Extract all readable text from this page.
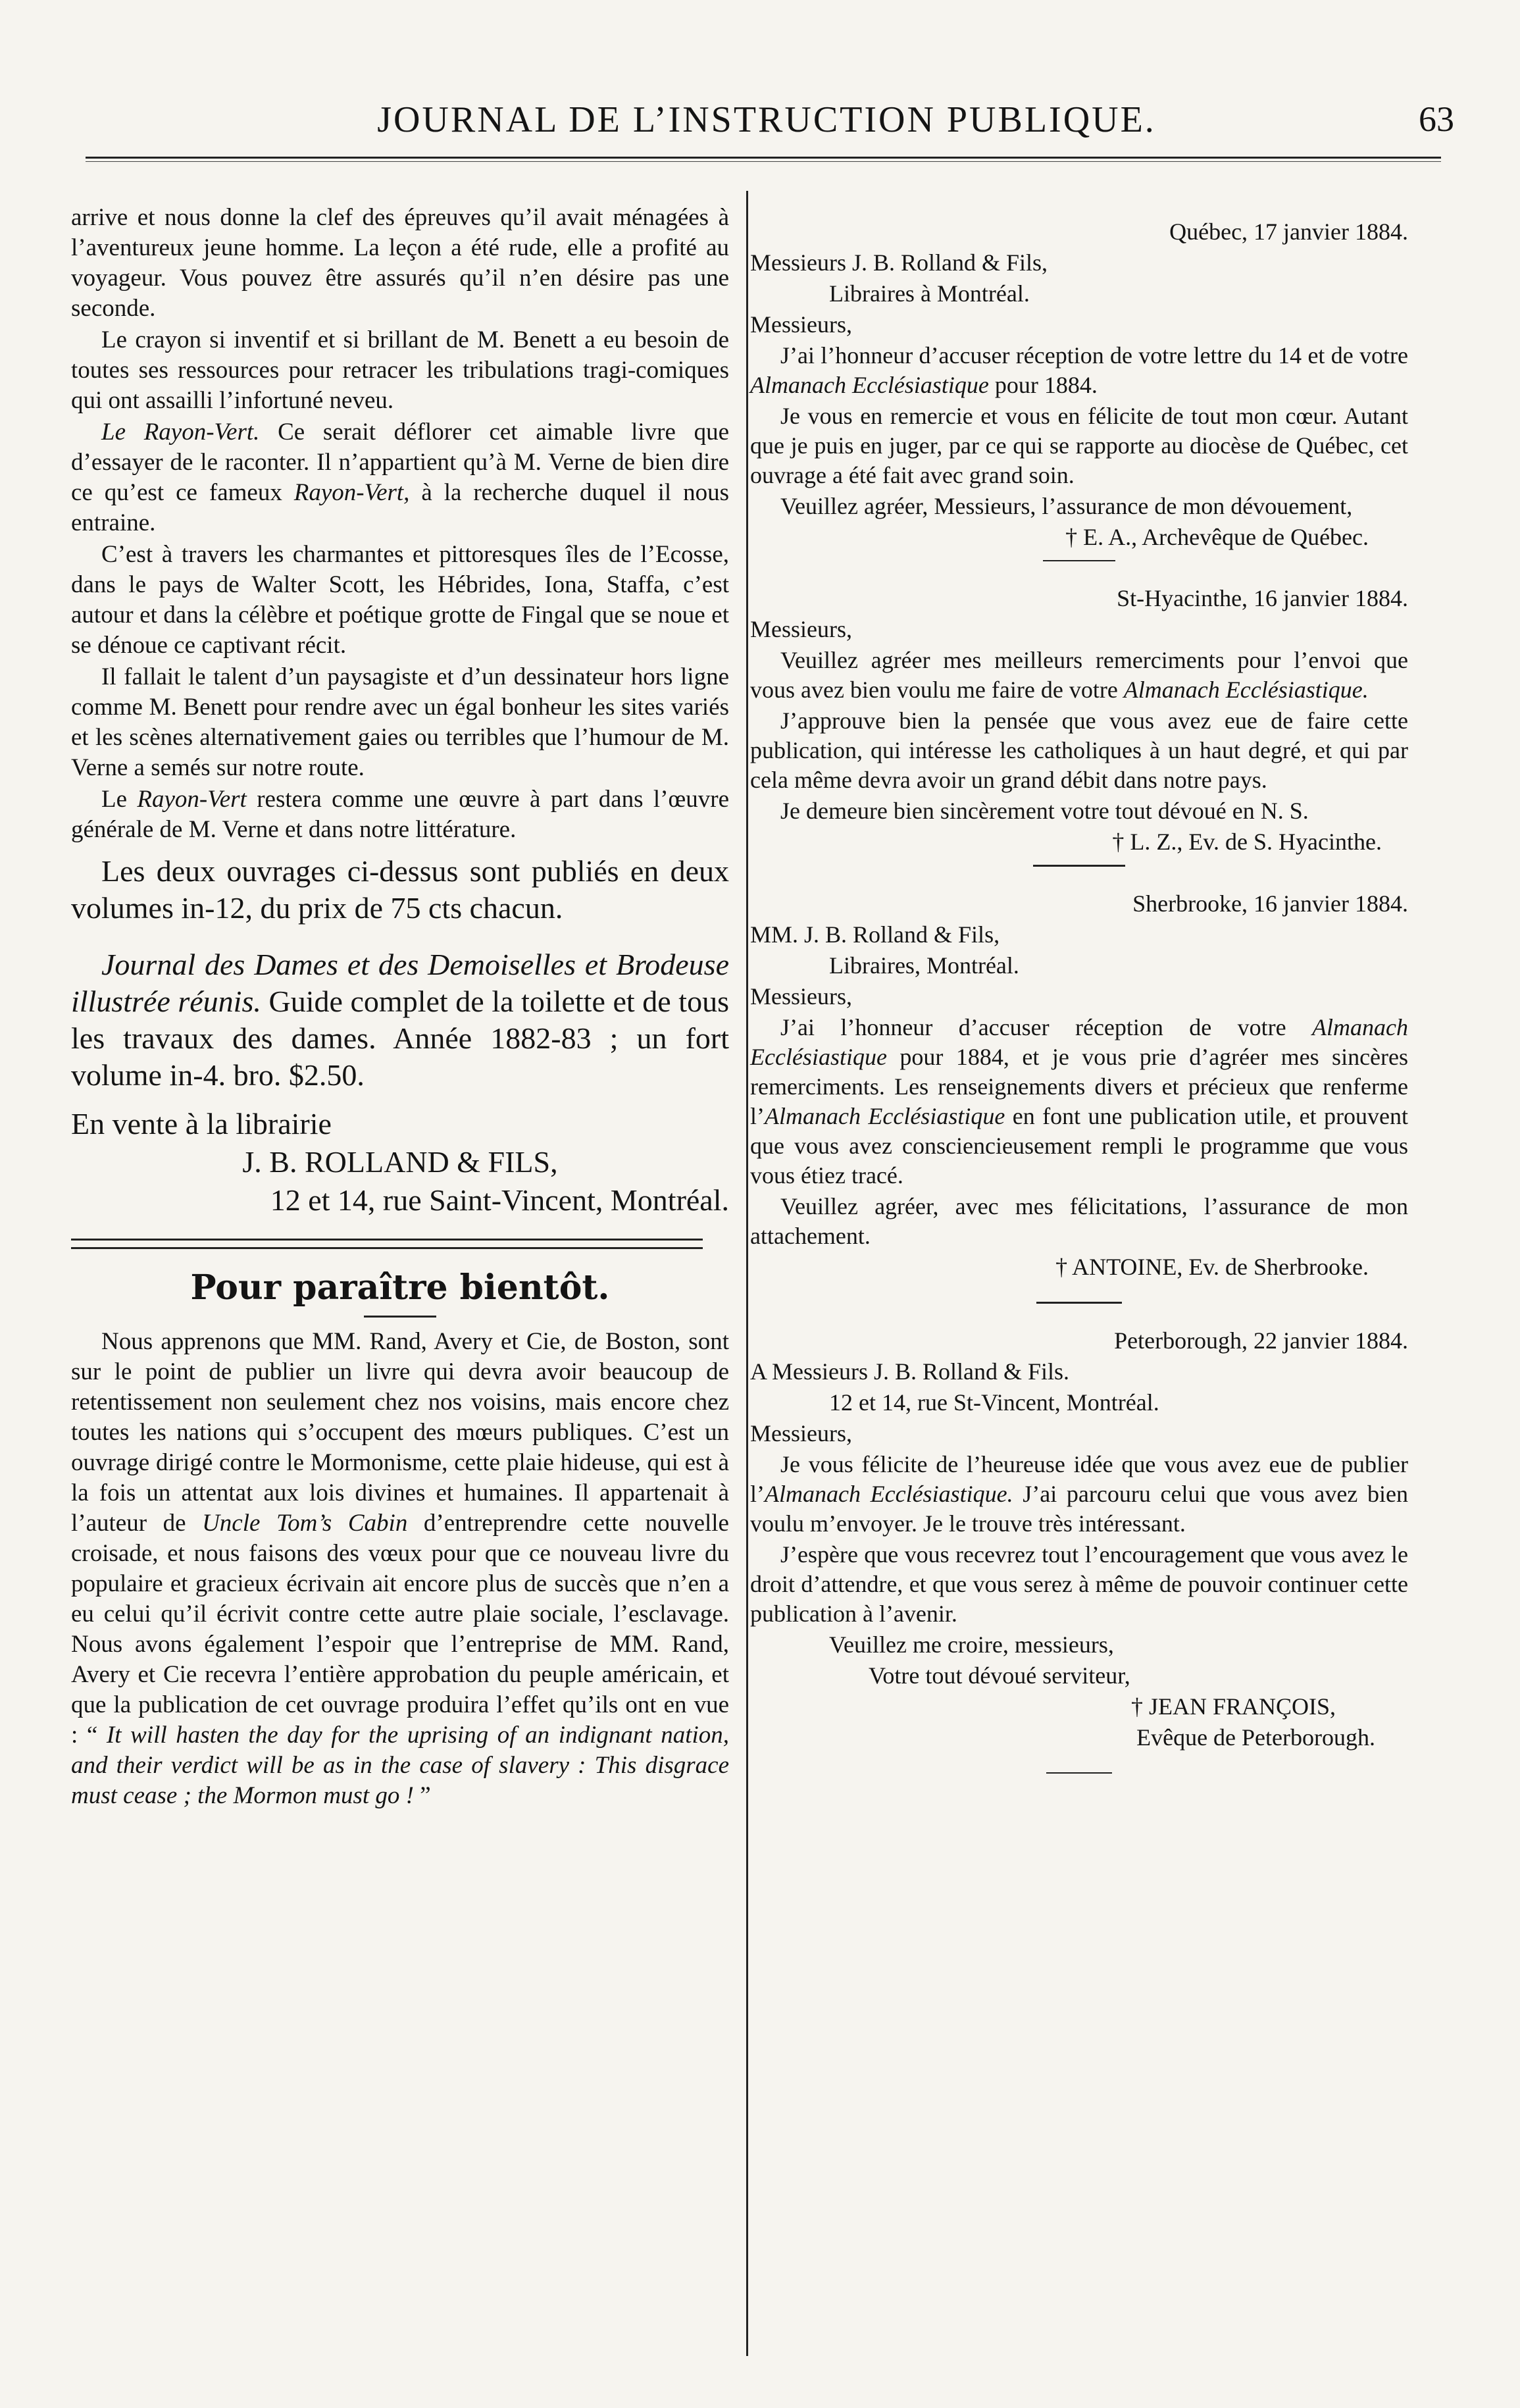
JOURNAL DE L’INSTRUCTION PUBLIQUE.	63

arrive et nous donne la clef des épreuves qu’il avait ménagées à l’aventureux jeune homme. La leçon a été rude, elle a profité au voyageur. Vous pouvez être assurés qu’il n’en désire pas une seconde.

Le crayon si inventif et si brillant de M. Benett a eu besoin de toutes ses ressources pour retracer les tribulations tragi-comiques qui ont assailli l’infortuné neveu.

Le Rayon-Vert. Ce serait déflorer cet aimable livre que d’essayer de le raconter. Il n’appartient qu’à M. Verne de bien dire ce qu’est ce fameux Rayon-Vert, à la recherche duquel il nous entraine.

C’est à travers les charmantes et pittoresques îles de l’Ecosse, dans le pays de Walter Scott, les Hébrides, Iona, Staffa, c’est autour et dans la célèbre et poétique grotte de Fingal que se noue et se dénoue ce captivant récit.

Il fallait le talent d’un paysagiste et d’un dessinateur hors ligne comme M. Benett pour rendre avec un égal bonheur les sites variés et les scènes alternativement gaies ou terribles que l’humour de M. Verne a semés sur notre route.

Le Rayon-Vert restera comme une œuvre à part dans l’œuvre générale de M. Verne et dans notre littérature.

Les deux ouvrages ci-dessus sont publiés en deux volumes in-12, du prix de 75 cts chacun.

Journal des Dames et des Demoiselles et Brodeuse illustrée réunis. Guide complet de la toilette et de tous les travaux des dames. Année 1882-83 ; un fort volume in-4. bro. $2.50.

En vente à la librairie

J. B. ROLLAND & FILS,

12 et 14, rue Saint-Vincent, Montréal.

Pour paraître bientôt.

Nous apprenons que MM. Rand, Avery et Cie, de Boston, sont sur le point de publier un livre qui devra avoir beaucoup de retentissement non seulement chez nos voisins, mais encore chez toutes les nations qui s’occupent des mœurs publiques. C’est un ouvrage dirigé contre le Mormonisme, cette plaie hideuse, qui est à la fois un attentat aux lois divines et humaines. Il appartenait à l’auteur de Uncle Tom’s Cabin d’entreprendre cette nouvelle croisade, et nous faisons des vœux pour que ce nouveau livre du populaire et gracieux écrivain ait encore plus de succès que n’en a eu celui qu’il écrivit contre cette autre plaie sociale, l’esclavage. Nous avons également l’espoir que l’entreprise de MM. Rand, Avery et Cie recevra l’entière approbation du peuple américain, et que la publication de cet ouvrage produira l’effet qu’ils ont en vue : “ It will hasten the day for the uprising of an indignant nation, and their verdict will be as in the case of slavery : This disgrace must cease ; the Mormon must go ! ”

Québec, 17 janvier 1884.

Messieurs J. B. Rolland & Fils,

Libraires à Montréal.

Messieurs,

J’ai l’honneur d’accuser réception de votre lettre du 14 et de votre Almanach Ecclésiastique pour 1884.

Je vous en remercie et vous en félicite de tout mon cœur. Autant que je puis en juger, par ce qui se rapporte au diocèse de Québec, cet ouvrage a été fait avec grand soin.

Veuillez agréer, Messieurs, l’assurance de mon dévouement,

† E. A., Archevêque de Québec.

St-Hyacinthe, 16 janvier 1884.

Messieurs,

Veuillez agréer mes meilleurs remerciments pour l’envoi que vous avez bien voulu me faire de votre Almanach Ecclésiastique.

J’approuve bien la pensée que vous avez eue de faire cette publication, qui intéresse les catholiques à un haut degré, et qui par cela même devra avoir un grand débit dans notre pays.

Je demeure bien sincèrement votre tout dévoué en N. S.

† L. Z., Ev. de S. Hyacinthe.

Sherbrooke, 16 janvier 1884.

MM. J. B. Rolland & Fils,

Libraires, Montréal.

Messieurs,

J’ai l’honneur d’accuser réception de votre Almanach Ecclésiastique pour 1884, et je vous prie d’agréer mes sincères remerciments. Les renseignements divers et précieux que renferme l’Almanach Ecclésiastique en font une publication utile, et prouvent que vous avez consciencieusement rempli le programme que vous vous étiez tracé.

Veuillez agréer, avec mes félicitations, l’assurance de mon attachement.

† ANTOINE, Ev. de Sherbrooke.

Peterborough, 22 janvier 1884.

A Messieurs J. B. Rolland & Fils.

12 et 14, rue St-Vincent, Montréal.

Messieurs,

Je vous félicite de l’heureuse idée que vous avez eue de publier l’Almanach Ecclésiastique. J’ai parcouru celui que vous avez bien voulu m’envoyer. Je le trouve très intéressant.

J’espère que vous recevrez tout l’encouragement que vous avez le droit d’attendre, et que vous serez à même de pouvoir continuer cette publication à l’avenir.

Veuillez me croire, messieurs,

Votre tout dévoué serviteur,

† JEAN FRANÇOIS,

Evêque de Peterborough.
